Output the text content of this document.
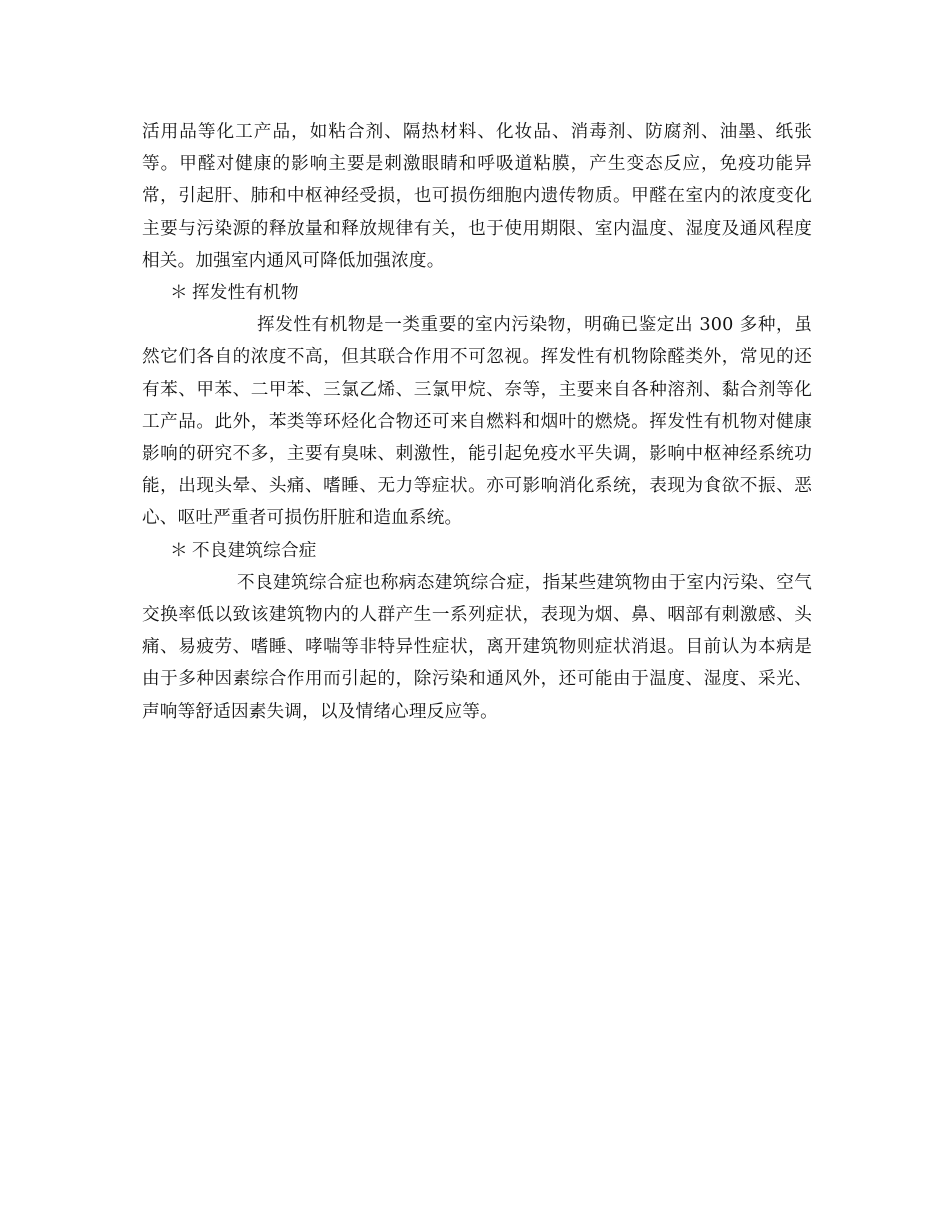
活用品等化工产品，如粘合剂、隔热材料、化妆品、消毒剂、防腐剂、油墨、纸张等。甲醛对健康的影响主要是刺激眼睛和呼吸道粘膜，产生变态反应，免疫功能异常，引起肝、肺和中枢神经受损，也可损伤细胞内遗传物质。甲醛在室内的浓度变化主要与污染源的释放量和释放规律有关，也于使用期限、室内温度、湿度及通风程度相关。加强室内通风可降低加强浓度。

＊ 挥发性有机物

挥发性有机物是一类重要的室内污染物，明确已鉴定出 300 多种，虽然它们各自的浓度不高，但其联合作用不可忽视。挥发性有机物除醛类外，常见的还有苯、甲苯、二甲苯、三氯乙烯、三氯甲烷、奈等，主要来自各种溶剂、黏合剂等化工产品。此外，苯类等环烃化合物还可来自燃料和烟叶的燃烧。挥发性有机物对健康影响的研究不多，主要有臭味、刺激性，能引起免疫水平失调，影响中枢神经系统功能，出现头晕、头痛、嗜睡、无力等症状。亦可影响消化系统，表现为食欲不振、恶心、呕吐严重者可损伤肝脏和造血系统。

＊ 不良建筑综合症

不良建筑综合症也称病态建筑综合症，指某些建筑物由于室内污染、空气交换率低以致该建筑物内的人群产生一系列症状，表现为烟、鼻、咽部有刺激感、头痛、易疲劳、嗜睡、哮喘等非特异性症状，离开建筑物则症状消退。目前认为本病是由于多种因素综合作用而引起的，除污染和通风外，还可能由于温度、湿度、采光、声响等舒适因素失调，以及情绪心理反应等。
